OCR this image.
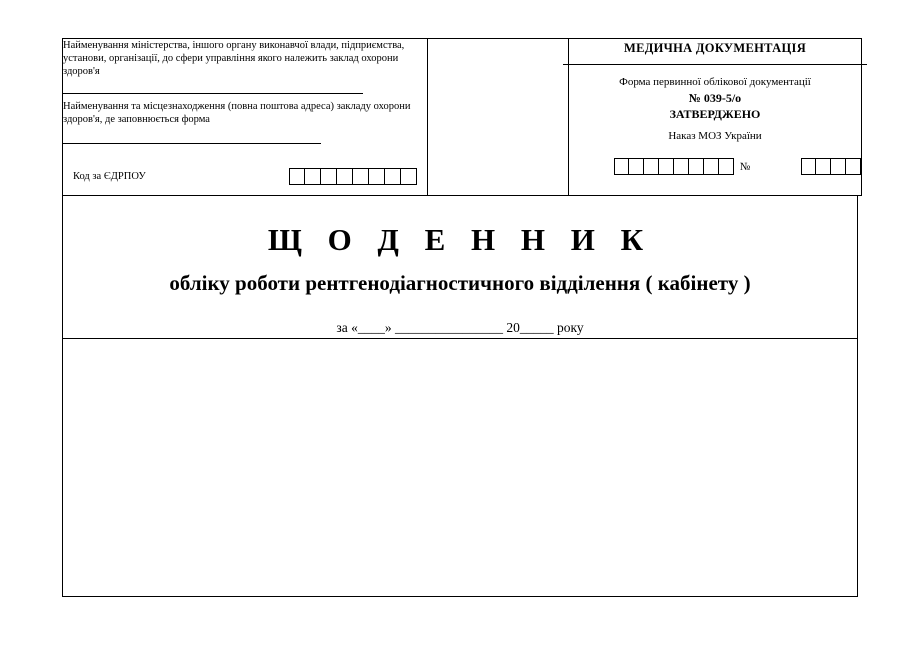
Найменування міністерства, іншого органу виконавчої влади, підприємства, установи, організації, до сфери управління якого належить заклад охорони здоров'я
Найменування та місцезнаходження (повна поштова адреса) закладу охорони здоров'я, де заповнюється форма
Код за ЄДРПОУ

МЕДИЧНА ДОКУМЕНТАЦІЯ
Форма первинної облікової документації
№ 039-5/о
ЗАТВЕРДЖЕНО
Наказ МОЗ України
№
Щ О Д Е Н Н И К
обліку роботи рентгенодіагностичного відділення ( кабінету )
за «____» ________________ 20_____ року
